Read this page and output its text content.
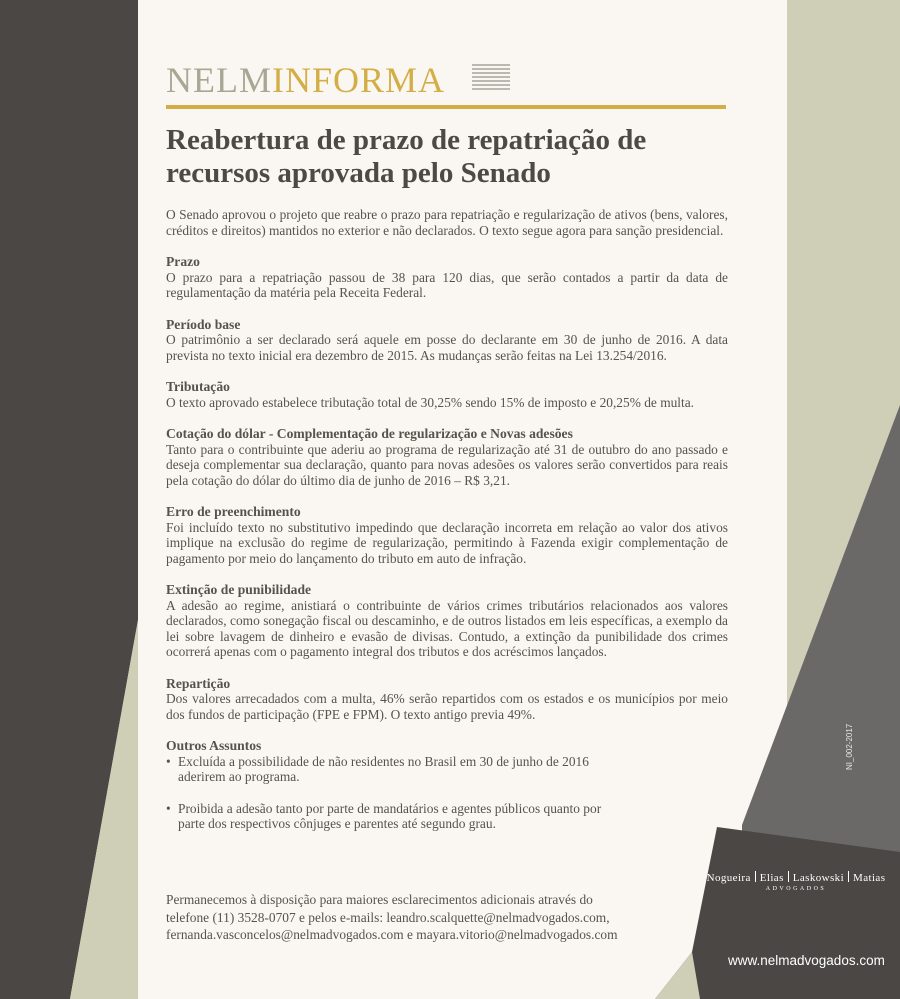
NELMINFORMA
Reabertura de prazo de repatriação de recursos aprovada pelo Senado

O Senado aprovou o projeto que reabre o prazo para repatriação e regularização de ativos (bens, valores, créditos e direitos) mantidos no exterior e não declarados. O texto segue agora para sanção presidencial.

Prazo

O prazo para a repatriação passou de 38 para 120 dias, que serão contados a partir da data de regulamentação da matéria pela Receita Federal.

Período base

O patrimônio a ser declarado será aquele em posse do declarante em 30 de junho de 2016. A data prevista no texto inicial era dezembro de 2015. As mudanças serão feitas na Lei 13.254/2016.

Tributação

O texto aprovado estabelece tributação total de 30,25% sendo 15% de imposto e 20,25% de multa.

Cotação do dólar - Complementação de regularização e Novas adesões

Tanto para o contribuinte que aderiu ao programa de regularização até 31 de outubro do ano passado e deseja complementar sua declaração, quanto para novas adesões os valores serão convertidos para reais pela cotação do dólar do último dia de junho de 2016 – R$ 3,21.

Erro de preenchimento

Foi incluído texto no substitutivo impedindo que declaração incorreta em relação ao valor dos ativos implique na exclusão do regime de regularização, permitindo à Fazenda exigir complementação de pagamento por meio do lançamento do tributo em auto de infração.

Extinção de punibilidade

A adesão ao regime, anistiará o contribuinte de vários crimes tributários relacionados aos valores declarados, como sonegação fiscal ou descaminho, e de outros listados em leis específicas, a exemplo da lei sobre lavagem de dinheiro e evasão de divisas. Contudo, a extinção da punibilidade dos crimes ocorrerá apenas com o pagamento integral dos tributos e dos acréscimos lançados.

Repartição

Dos valores arrecadados com a multa, 46% serão repartidos com os estados e os municípios por meio dos fundos de participação (FPE e FPM). O texto antigo previa 49%.

Outros Assuntos
• Excluída a possibilidade de não residentes no Brasil em 30 de junho de 2016 aderirem ao programa.
• Proibida a adesão tanto por parte de mandatários e agentes públicos quanto por parte dos respectivos cônjuges e parentes até segundo grau.

Permanecemos à disposição para maiores esclarecimentos adicionais através do telefone (11) 3528-0707 e pelos e-mails: leandro.scalquette@nelmadvogados.com, fernanda.vasconcelos@nelmadvogados.com e mayara.vitorio@nelmadvogados.com

NI_002-2017
Nogueira Elias Laskowski Matias
ADVOGADOS
www.nelmadvogados.com
